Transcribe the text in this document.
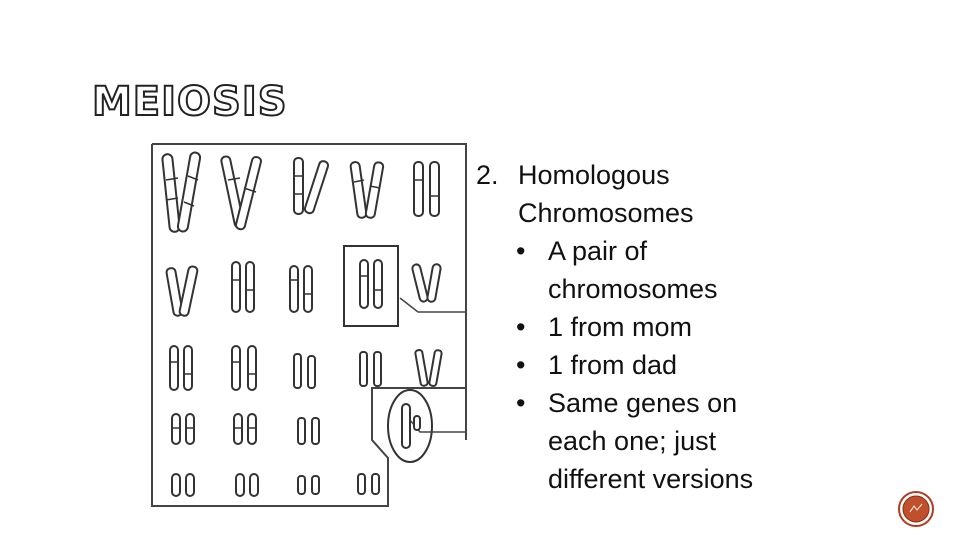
MEIOSIS
2. Homologous Chromosomes
• A pair of chromosomes
• 1 from mom
• 1 from dad
• Same genes on each one; just different versions
